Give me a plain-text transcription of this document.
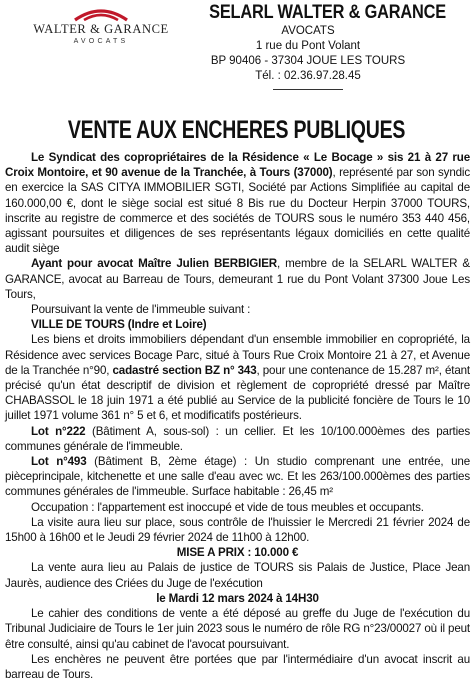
WALTER & GARANCE
AVOCATS
SELARL WALTER & GARANCE
AVOCATS
1 rue du Pont Volant
BP 90406 - 37304 JOUE LES TOURS
Tél. : 02.36.97.28.45
VENTE AUX ENCHERES PUBLIQUES

Le Syndicat des copropriétaires de la Résidence « Le Bocage » sis 21 à 27 rue Croix Montoire, et 90 avenue de la Tranchée, à Tours (37000), représenté par son syndic en exercice la SAS CITYA IMMOBILIER SGTI, Société par Actions Simplifiée au capital de 160.000,00 €, dont le siège social est situé 8 Bis rue du Docteur Herpin 37000 TOURS, inscrite au registre de commerce et des sociétés de TOURS sous le numéro 353 440 456, agissant poursuites et diligences de ses représentants légaux domiciliés en cette qualité audit siège

Ayant pour avocat Maître Julien BERBIGIER, membre de la SELARL WALTER & GARANCE, avocat au Barreau de Tours, demeurant 1 rue du Pont Volant 37300 Joue Les Tours,

Poursuivant la vente de l'immeuble suivant :

VILLE DE TOURS (Indre et Loire)

Les biens et droits immobiliers dépendant d'un ensemble immobilier en copropriété, la Résidence avec services Bocage Parc, situé à Tours Rue Croix Montoire 21 à 27, et Avenue de la Tranchée n°90, cadastré section BZ n° 343, pour une contenance de 15.287 m², étant précisé qu'un état descriptif de division et règlement de copropriété dressé par Maître CHABASSOL le 18 juin 1971 a été publié au Service de la publicité foncière de Tours le 10 juillet 1971 volume 361 n° 5 et 6, et modificatifs postérieurs.

Lot n°222 (Bâtiment A, sous-sol) : un cellier. Et les 10/100.000èmes des parties communes générale de l'immeuble.

Lot n°493 (Bâtiment B, 2ème étage) : Un studio comprenant une entrée, une pièceprincipale, kitchenette et une salle d'eau avec wc. Et les 263/100.000èmes des parties communes générales de l'immeuble. Surface habitable : 26,45 m²

Occupation : l'appartement est inoccupé et vide de tous meubles et occupants.

La visite aura lieu sur place, sous contrôle de l'huissier le Mercredi 21 février 2024 de 15h00 à 16h00 et le Jeudi 29 février 2024 de 11h00 à 12h00.

MISE A PRIX : 10.000 €

La vente aura lieu au Palais de justice de TOURS sis Palais de Justice, Place Jean Jaurès, audience des Criées du Juge de l'exécution

le Mardi 12 mars 2024 à 14H30

Le cahier des conditions de vente a été déposé au greffe du Juge de l'exécution du Tribunal Judiciaire de Tours le 1er juin 2023 sous le numéro de rôle RG n°23/00027 où il peut être consulté, ainsi qu'au cabinet de l'avocat poursuivant.

Les enchères ne peuvent être portées que par l'intermédiaire d'un avocat inscrit au barreau de Tours.
